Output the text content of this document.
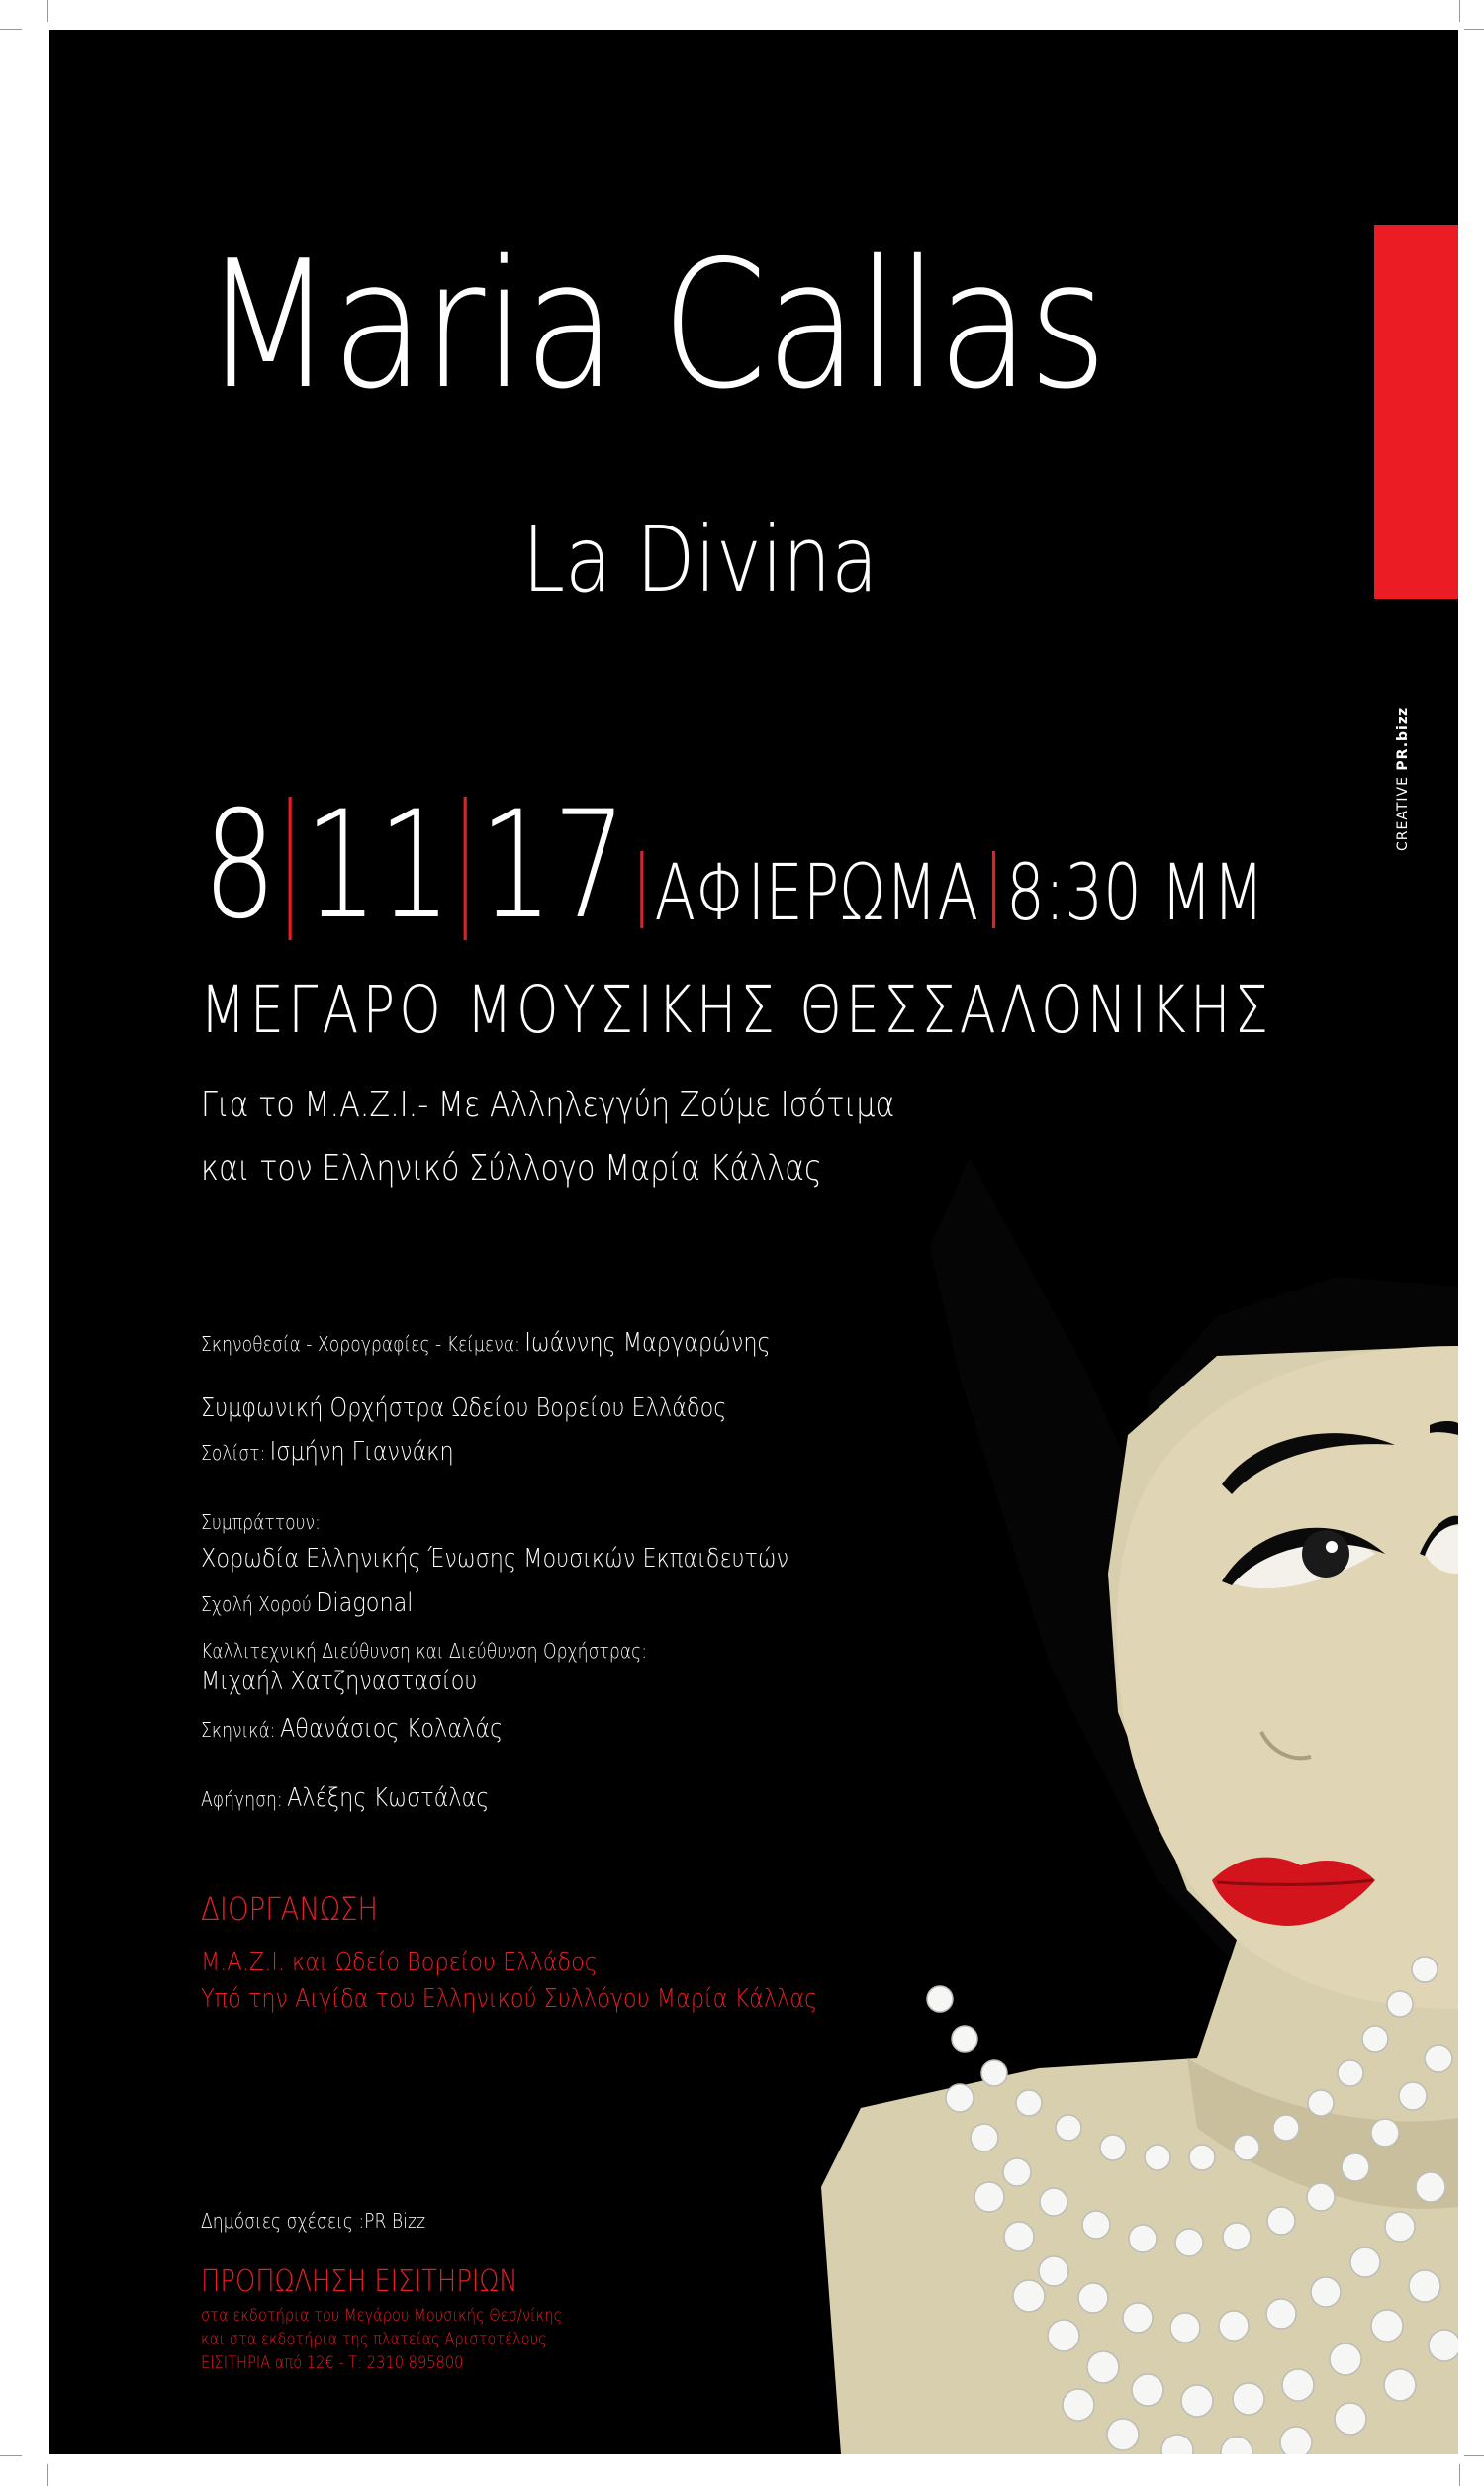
CREATIVE PR.bizz
Maria Callas
La Divina
8 11 17 ΑΦΙΕΡΩΜΑ 8:30 ΜΜ
ΜΕΓΑΡΟ ΜΟΥΣΙΚΗΣ ΘΕΣΣΑΛΟΝΙΚΗΣ
Για το Μ.Α.Ζ.Ι.- Με Αλληλεγγύη Ζούμε Ισότιμα
και τον Ελληνικό Σύλλογο Μαρία Κάλλας
Σκηνοθεσία - Χορογραφίες - Κείμενα: Ιωάννης Μαργαρώνης
Συμφωνική Ορχήστρα Ωδείου Βορείου Ελλάδος
Σολίστ: Ισμήνη Γιαννάκη
Συμπράττουν:
Χορωδία Ελληνικής Ένωσης Μουσικών Εκπαιδευτών
Σχολή Χορού Diagonal
Καλλιτεχνική Διεύθυνση και Διεύθυνση Ορχήστρας:
Μιχαήλ Χατζηναστασίου
Σκηνικά: Αθανάσιος Κολαλάς
Αφήγηση: Αλέξης Κωστάλας
ΔΙΟΡΓΑΝΩΣΗ
Μ.Α.Ζ.Ι. και Ωδείο Βορείου Ελλάδος
Υπό την Αιγίδα του Ελληνικού Συλλόγου Μαρία Κάλλας
Δημόσιες σχέσεις :PR Bizz
ΠΡΟΠΩΛΗΣΗ ΕΙΣΙΤΗΡΙΩΝ
στα εκδοτήρια του Μεγάρου Μουσικής Θεσ/νίκης
και στα εκδοτήρια της πλατείας Αριστοτέλους
ΕΙΣΙΤΗΡΙΑ από 12€ - Τ: 2310 895800
